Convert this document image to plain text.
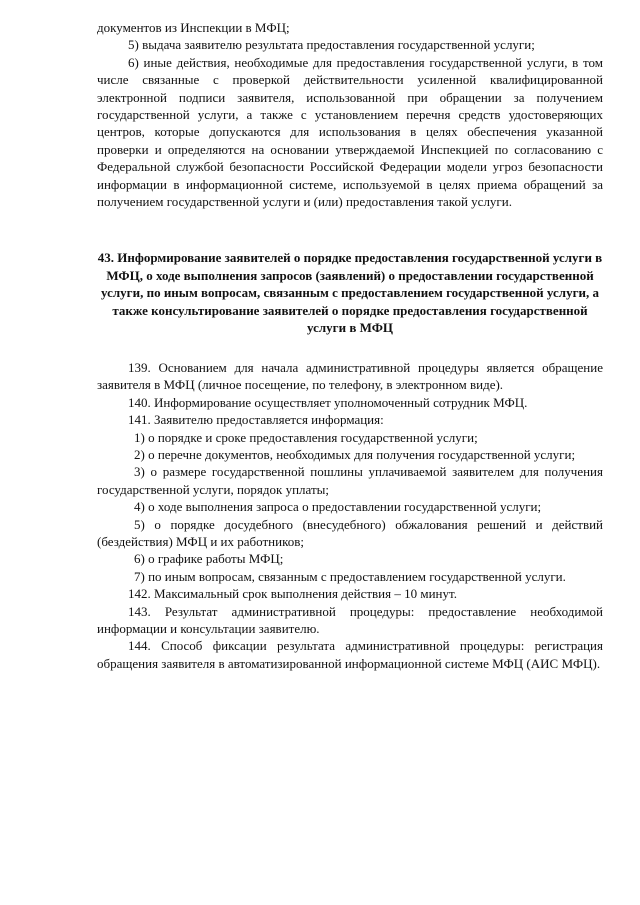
документов из Инспекции в МФЦ;

5) выдача заявителю результата предоставления государственной услуги;

6) иные действия, необходимые для предоставления государственной услуги, в том числе связанные с проверкой действительности усиленной квалифицированной электронной подписи заявителя, использованной при обращении за получением государственной услуги, а также с установлением перечня средств удостоверяющих центров, которые допускаются для использования в целях обеспечения указанной проверки и определяются на основании утверждаемой Инспекцией по согласованию с Федеральной службой безопасности Российской Федерации модели угроз безопасности информации в информационной системе, используемой в целях приема обращений за получением государственной услуги и (или) предоставления такой услуги.

43. Информирование заявителей о порядке предоставления государственной услуги в МФЦ, о ходе выполнения запросов (заявлений) о предоставлении государственной услуги, по иным вопросам, связанным с предоставлением государственной услуги, а также консультирование заявителей о порядке предоставления государственной услуги в МФЦ

139. Основанием для начала административной процедуры является обращение заявителя в МФЦ (личное посещение, по телефону, в электронном виде).

140. Информирование осуществляет уполномоченный сотрудник МФЦ.

141. Заявителю предоставляется информация:

1) о порядке и сроке предоставления государственной услуги;

2) о перечне документов, необходимых для получения государственной услуги;

3) о размере государственной пошлины уплачиваемой заявителем для получения государственной услуги, порядок уплаты;

4) о ходе выполнения запроса о предоставлении государственной услуги;

5) о порядке досудебного (внесудебного) обжалования решений и действий (бездействия) МФЦ и их работников;

6) о графике работы МФЦ;

7) по иным вопросам, связанным с предоставлением государственной услуги.

142. Максимальный срок выполнения действия – 10 минут.

143. Результат административной процедуры: предоставление необходимой информации и консультации заявителю.

144. Способ фиксации результата административной процедуры: регистрация обращения заявителя в автоматизированной информационной системе МФЦ (АИС МФЦ).
